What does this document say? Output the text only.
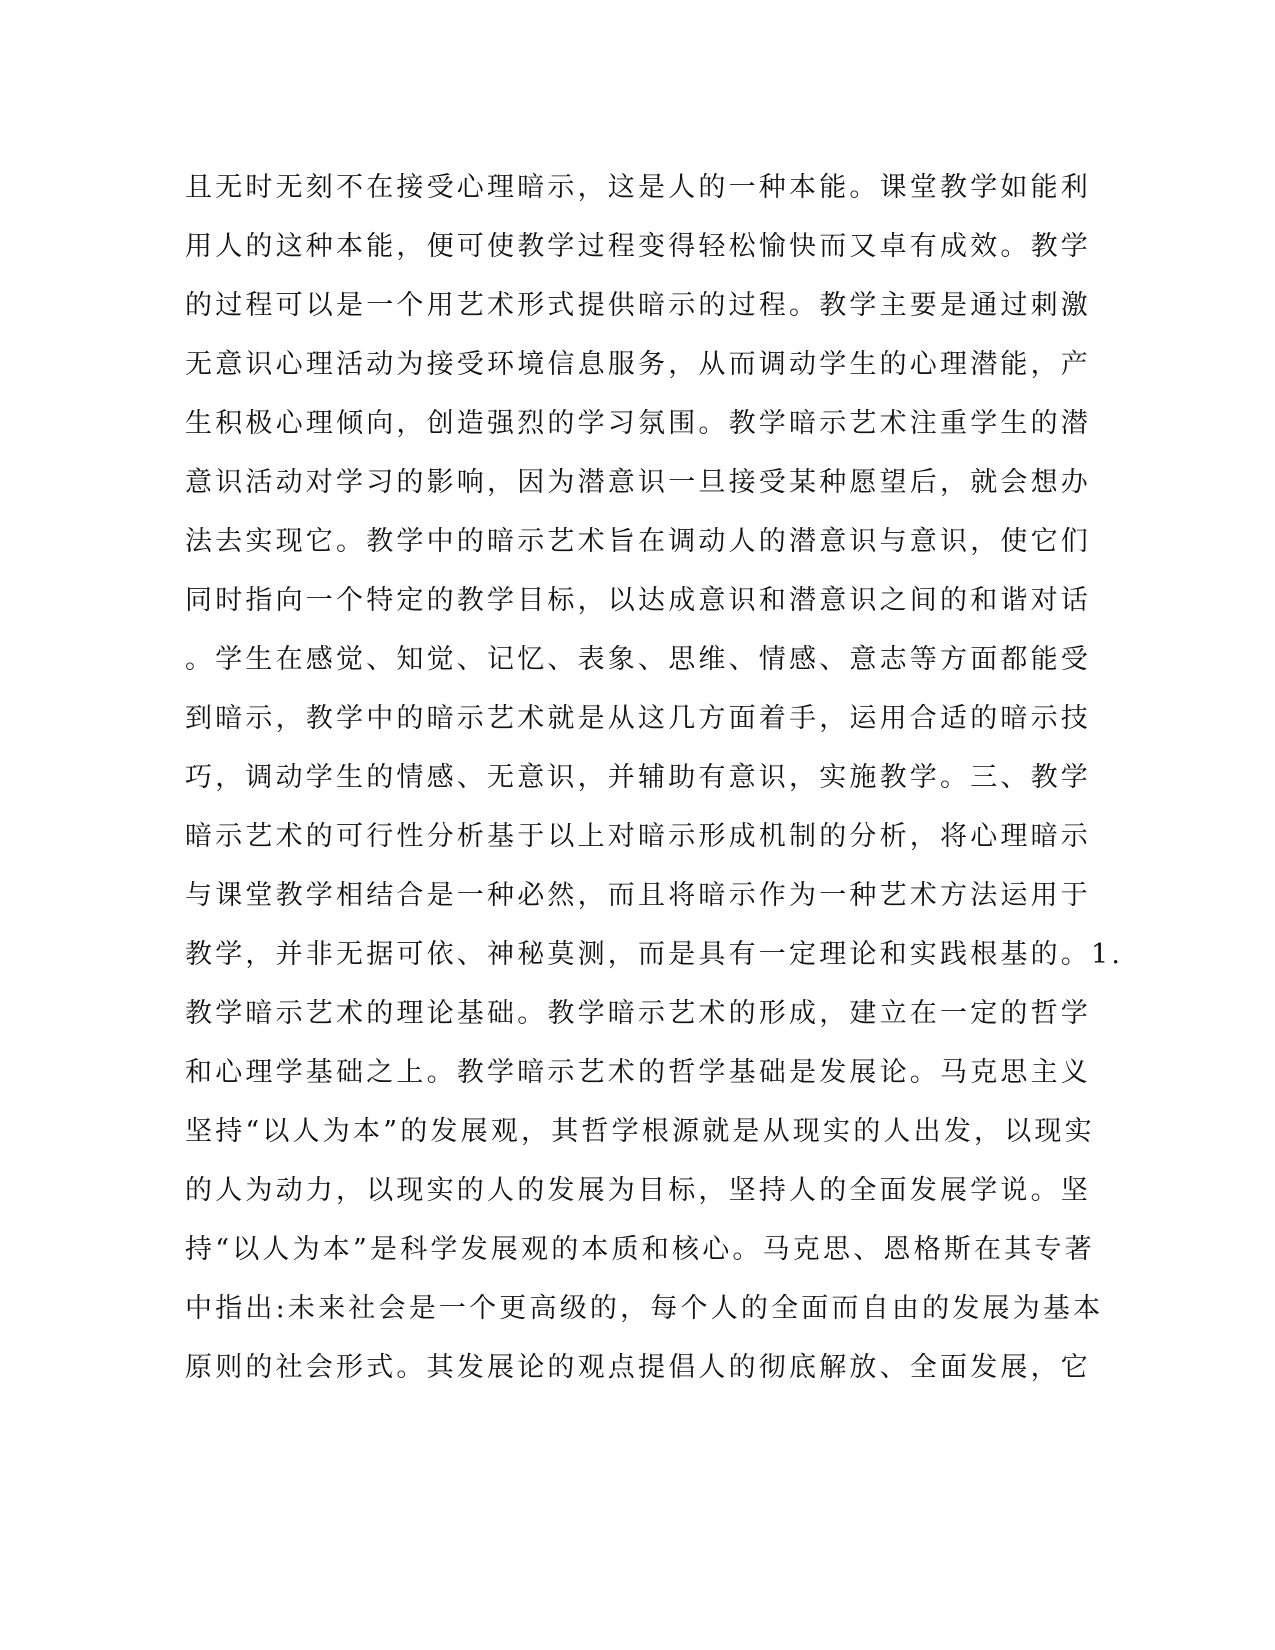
且无时无刻不在接受心理暗示，这是人的一种本能。课堂教学如能利
用人的这种本能，便可使教学过程变得轻松愉快而又卓有成效。教学
的过程可以是一个用艺术形式提供暗示的过程。教学主要是通过刺激
无意识心理活动为接受环境信息服务，从而调动学生的心理潜能，产
生积极心理倾向，创造强烈的学习氛围。教学暗示艺术注重学生的潜
意识活动对学习的影响，因为潜意识一旦接受某种愿望后，就会想办
法去实现它。教学中的暗示艺术旨在调动人的潜意识与意识，使它们
同时指向一个特定的教学目标，以达成意识和潜意识之间的和谐对话
。学生在感觉、知觉、记忆、表象、思维、情感、意志等方面都能受
到暗示，教学中的暗示艺术就是从这几方面着手，运用合适的暗示技
巧，调动学生的情感、无意识，并辅助有意识，实施教学。三、教学
暗示艺术的可行性分析基于以上对暗示形成机制的分析，将心理暗示
与课堂教学相结合是一种必然，而且将暗示作为一种艺术方法运用于
教学，并非无据可依、神秘莫测，而是具有一定理论和实践根基的。1.
教学暗示艺术的理论基础。教学暗示艺术的形成，建立在一定的哲学
和心理学基础之上。教学暗示艺术的哲学基础是发展论。马克思主义
坚持“以人为本”的发展观，其哲学根源就是从现实的人出发，以现实
的人为动力，以现实的人的发展为目标，坚持人的全面发展学说。坚
持“以人为本”是科学发展观的本质和核心。马克思、恩格斯在其专著
中指出:未来社会是一个更高级的，每个人的全面而自由的发展为基本
原则的社会形式。其发展论的观点提倡人的彻底解放、全面发展，它
